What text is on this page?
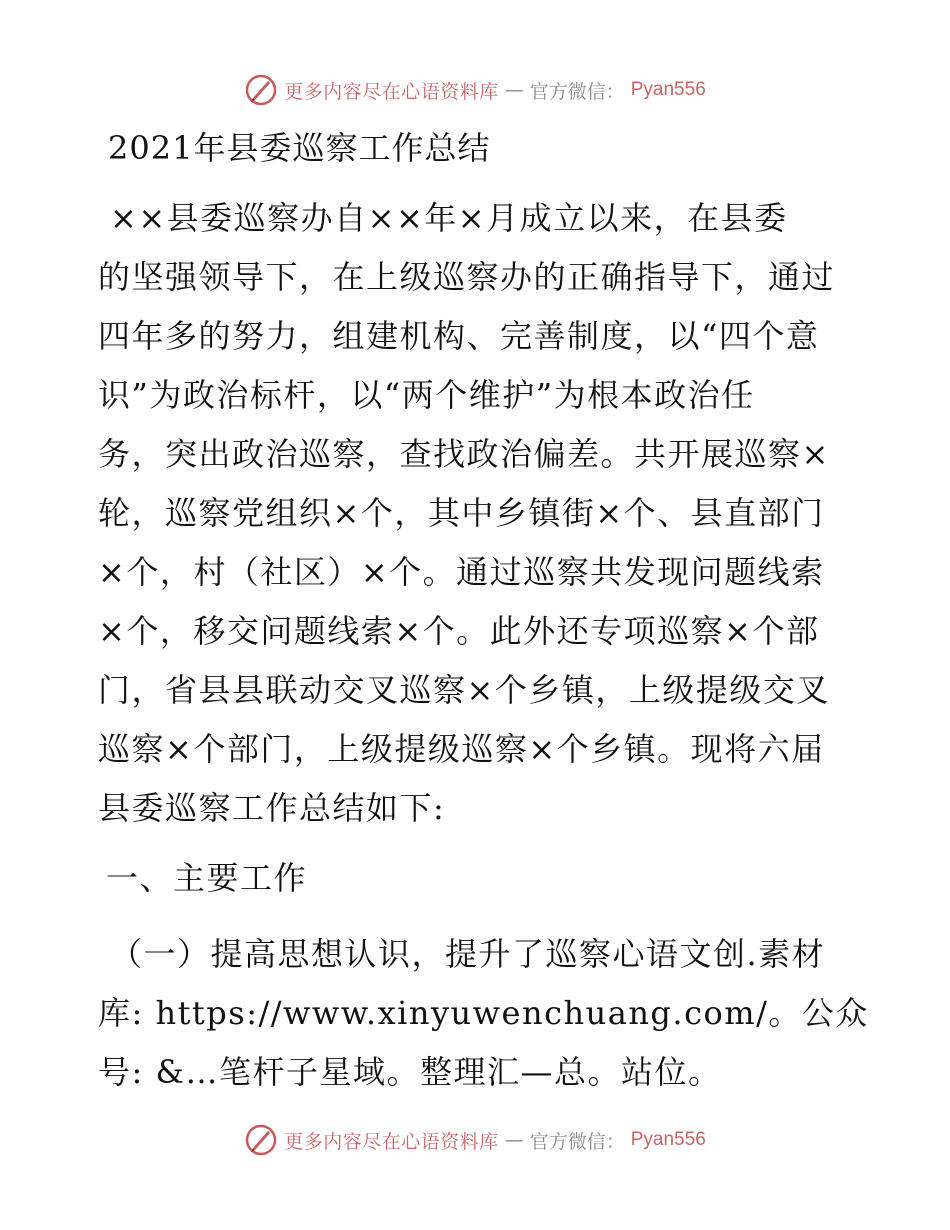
更多内容尽在心语资料库 — 官方微信： Pyan556
2021年县委巡察工作总结
××县委巡察办自××年×月成立以来，在县委
的坚强领导下，在上级巡察办的正确指导下，通过
四年多的努力，组建机构、完善制度，以“四个意
识”为政治标杆，以“两个维护”为根本政治任
务，突出政治巡察，查找政治偏差。共开展巡察×
轮，巡察党组织×个，其中乡镇街×个、县直部门
×个，村（社区）×个。通过巡察共发现问题线索
×个，移交问题线索×个。此外还专项巡察×个部
门，省县县联动交叉巡察×个乡镇，上级提级交叉
巡察×个部门，上级提级巡察×个乡镇。现将六届
县委巡察工作总结如下:
一、主要工作
（一）提高思想认识，提升了巡察心语文创.素材
库: https://www.xinyuwenchuang.com/。公众
号: &…笔杆子星域。整理汇—总。站位。
更多内容尽在心语资料库 — 官方微信： Pyan556
